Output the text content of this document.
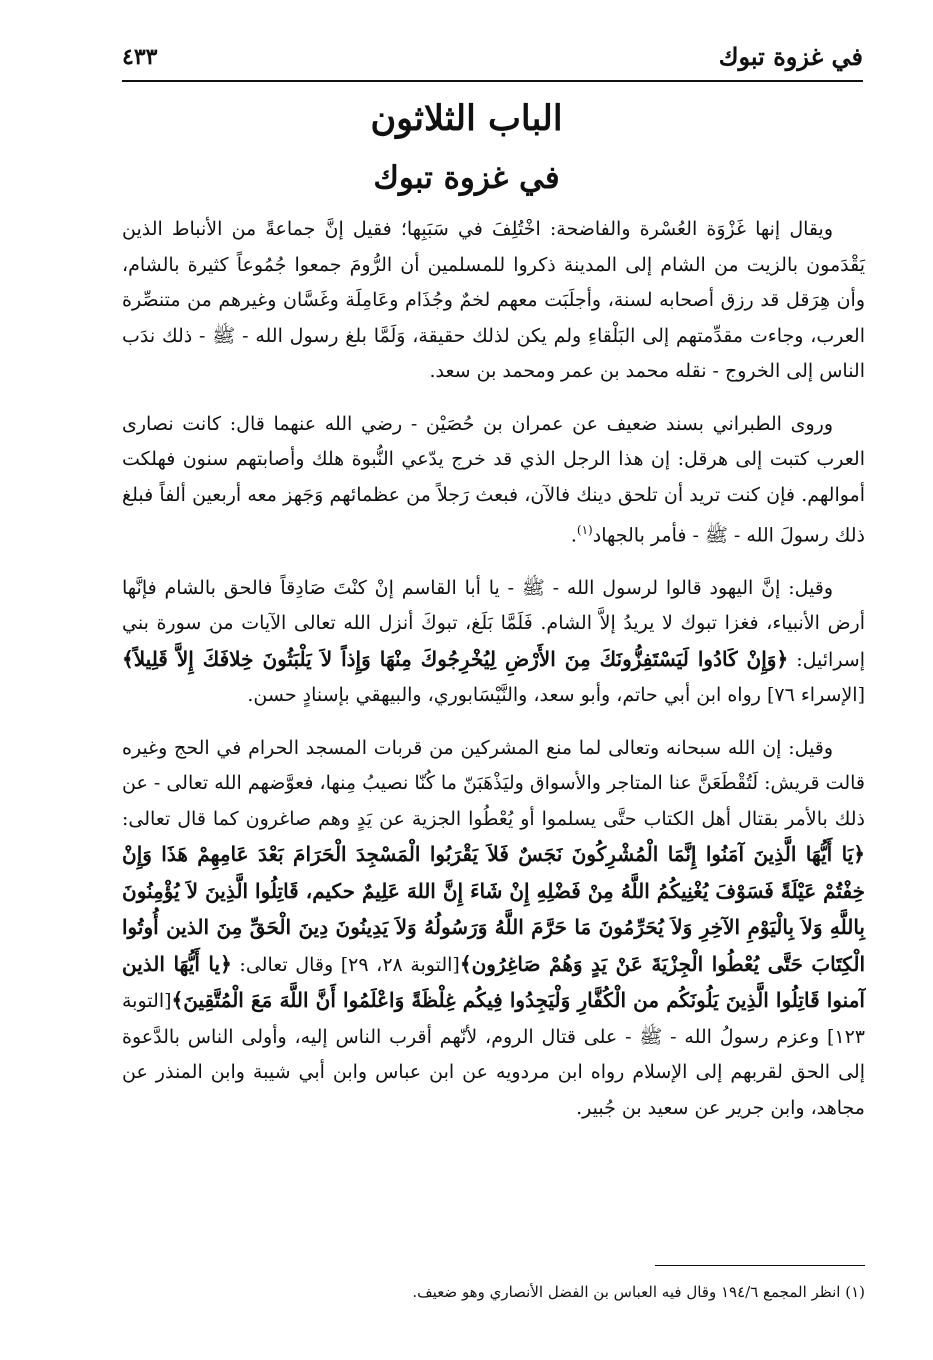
في غزوة تبوك
٤٣٣
الباب الثلاثون
في غزوة تبوك

ويقال إنها غَزْوَة العُسْرة والفاضحة: اخْتُلِفَ في سَبَبِها؛ فقيل إنَّ جماعةً من الأنباط الذين يَقْدَمون بالزيت من الشام إلى المدينة ذكروا للمسلمين أن الرُّومَ جمعوا جُمُوعاً كثيرة بالشام، وأن هِرَقل قد رزق أصحابه لسنة، وأجلَبَت معهم لخمٌ وجُذَام وعَامِلَة وغَسَّان وغيرهم من متنصِّرة العرب، وجاءت مقدِّمتهم إلى البَلْقاءِ ولم يكن لذلك حقيقة، وَلَمَّا بلغ رسول الله - ﷺ - ذلك ندَب الناس إلى الخروج - نقله محمد بن عمر ومحمد بن سعد.

وروى الطبراني بسند ضعيف عن عمران بن حُصَيْن - رضي الله عنهما قال: كانت نصارى العرب كتبت إلى هرقل: إن هذا الرجل الذي قد خرج يدّعي النُّبوة هلك وأصابتهم سنون فهلكت أموالهم. فإن كنت تريد أن تلحق دينك فالآن، فبعث رَجلاً من عظمائهم وَجَهز معه أربعين ألفاً فبلغ ذلك رسولَ الله - ﷺ - فأمر بالجهاد$^{(١)}$.

وقيل: إنَّ اليهود قالوا لرسول الله - ﷺ - يا أبا القاسم إنْ كنْتَ صَادِقاً فالحق بالشام فإنَّها أرض الأنبياء، فغزا تبوك لا يريدُ إلاَّ الشام. فَلَمَّا بَلَغ، تبوكَ أنزل الله تعالى الآيات من سورة بني إسرائيل: ﴿وَإِنْ كَادُوا لَيَسْتَفِزُّونَكَ مِنَ الأَرْضِ لِيُخْرِجُوكَ مِنْهَا وَإِذاً لاَ يَلْبَثُونَ خِلافَكَ إِلاَّ قَلِيلاً﴾[الإسراء ٧٦] رواه ابن أبي حاتم، وأبو سعد، والنَّيْسَابوري، والبيهقي بإسنادٍ حسن.

وقيل: إن الله سبحانه وتعالى لما منع المشركين من قربات المسجد الحرام في الحج وغيره قالت قريش: لَتُقْطَعَنَّ عنا المتاجر والأسواق وليَذْهَبَنّ ما كُنّا نصيبُ مِنها، فعوَّضهم الله تعالى - عن ذلك بالأمر بقتال أهل الكتاب حتَّى يسلموا أو يُعْطُوا الجزية عن يَدٍ وهم صاغرون كما قال تعالى: ﴿يَا أَيُّهَا الَّذِينَ آمَنُوا إِنَّمَا الْمُشْرِكُونَ نَجَسٌ فَلاَ يَقْرَبُوا الْمَسْجِدَ الْحَرَامَ بَعْدَ عَامِهِمْ هَذَا وَإِنْ خِفْتُمْ عَيْلَةً فَسَوْفَ يُغْنِيكُمُ اللَّهُ مِنْ فَضْلِهِ إِنْ شَاءَ إِنَّ اللهَ عَلِيمٌ حكيم، قَاتِلُوا الَّذِينَ لاَ يُؤْمِنُونَ بِاللَّهِ وَلاَ بِالْيَوْمِ الآخِرِ وَلاَ يُحَرِّمُونَ مَا حَرَّمَ اللَّهُ وَرَسُولُهُ وَلاَ يَدِينُونَ دِينَ الْحَقِّ مِنَ الذين أُوتُوا الْكِتَابَ حَتَّى يُعْطُوا الْجِزْيَةَ عَنْ يَدٍ وَهُمْ صَاغِرُون﴾[التوبة ٢٨، ٢٩] وقال تعالى: ﴿يا أَيُّهَا الذين آمنوا قَاتِلُوا الَّذِينَ يَلُونَكُم من الْكُفَّارِ وَلْيَجِدُوا فِيكُم غِلْظَةً وَاعْلَمُوا أَنَّ اللَّهَ مَعَ الْمُتَّقِينَ﴾[التوبة ١٢٣] وعزم رسولُ الله - ﷺ - على قتال الروم، لأنّهم أقرب الناس إليه، وأولى الناس بالدَّعوة إلى الحق لقربهم إلى الإسلام رواه ابن مردويه عن ابن عباس وابن أبي شيبة وابن المنذر عن مجاهد، وابن جرير عن سعيد بن جُبير.

(١) انظر المجمع ١٩٤/٦ وقال فيه العباس بن الفضل الأنصاري وهو ضعيف.
